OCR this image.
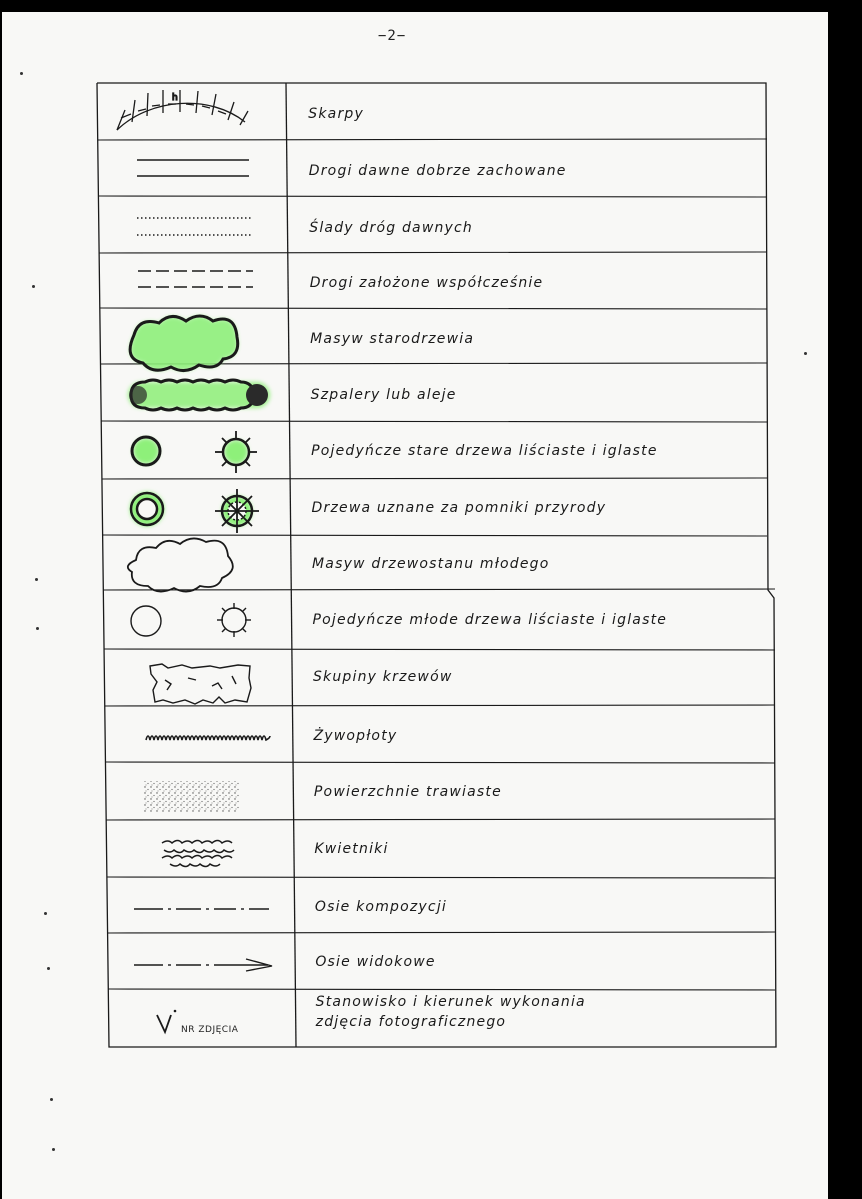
−2−
Skarpy
Drogi dawne dobrze zachowane
Ślady dróg dawnych
Drogi założone współcześnie
Masyw starodrzewia
Szpalery lub aleje
Pojedyńcze stare drzewa liściaste i iglaste
Drzewa uznane za pomniki przyrody
Masyw drzewostanu młodego
Pojedyńcze młode drzewa liściaste i iglaste
Skupiny krzewów
Żywopłoty
Powierzchnie trawiaste
Kwietniki
Osie kompozycji
Osie widokowe
Stanowisko i kierunek wykonania
zdjęcia fotograficznego
h
NR ZDJĘCIA
